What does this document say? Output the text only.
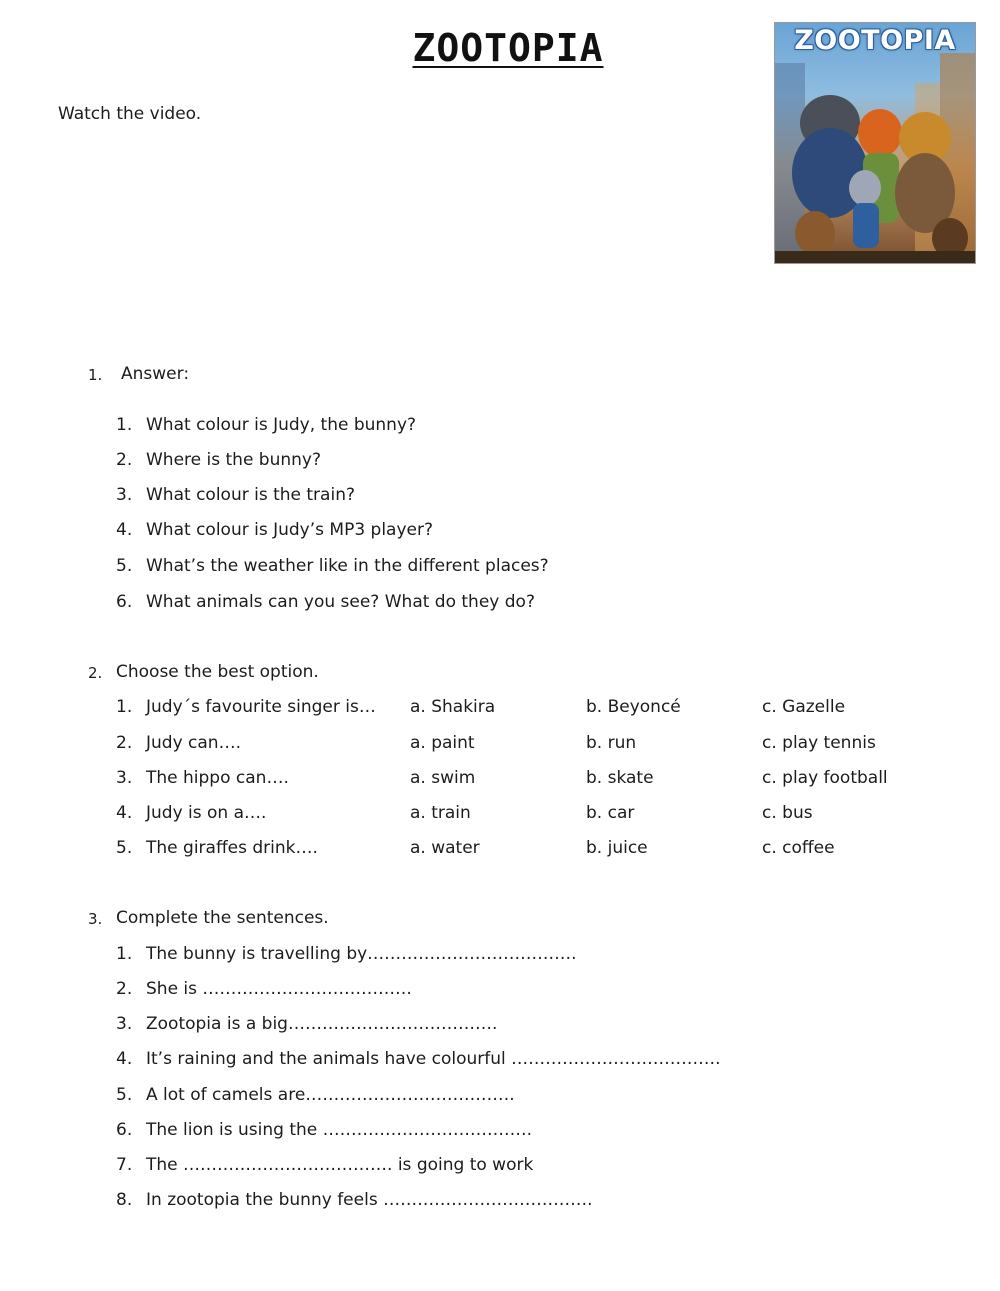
ZOOTOPIA
Watch the video.
ZOOTOPIA
1. Answer:
1. What colour is Judy, the bunny?
2. Where is the bunny?
3. What colour is the train?
4. What colour is Judy’s MP3 player?
5. What’s the weather like in the different places?
6. What animals can you see? What do they do?
2. Choose the best option.
1. Judy´s favourite singer is… a. Shakira	b. Beyoncé	c. Gazelle
2. Judy can….	a. paint	b. run	c. play tennis
3. The hippo can….	a. swim	b. skate	c. play football
4. Judy is on a….	a. train	b. car	c. bus
5. The giraffes drink….	a. water	b. juice	c. coffee
3. Complete the sentences.
1. The bunny is travelling by……………………………….
2. She is ……………………………….
3. Zootopia is a big……………………………….
4. It’s raining and the animals have colourful ……………………………….
5. A lot of camels are……………………………….
6. The lion is using the ……………………………….
7. The ………………………………. is going to work
8. In zootopia the bunny feels ……………………………….
